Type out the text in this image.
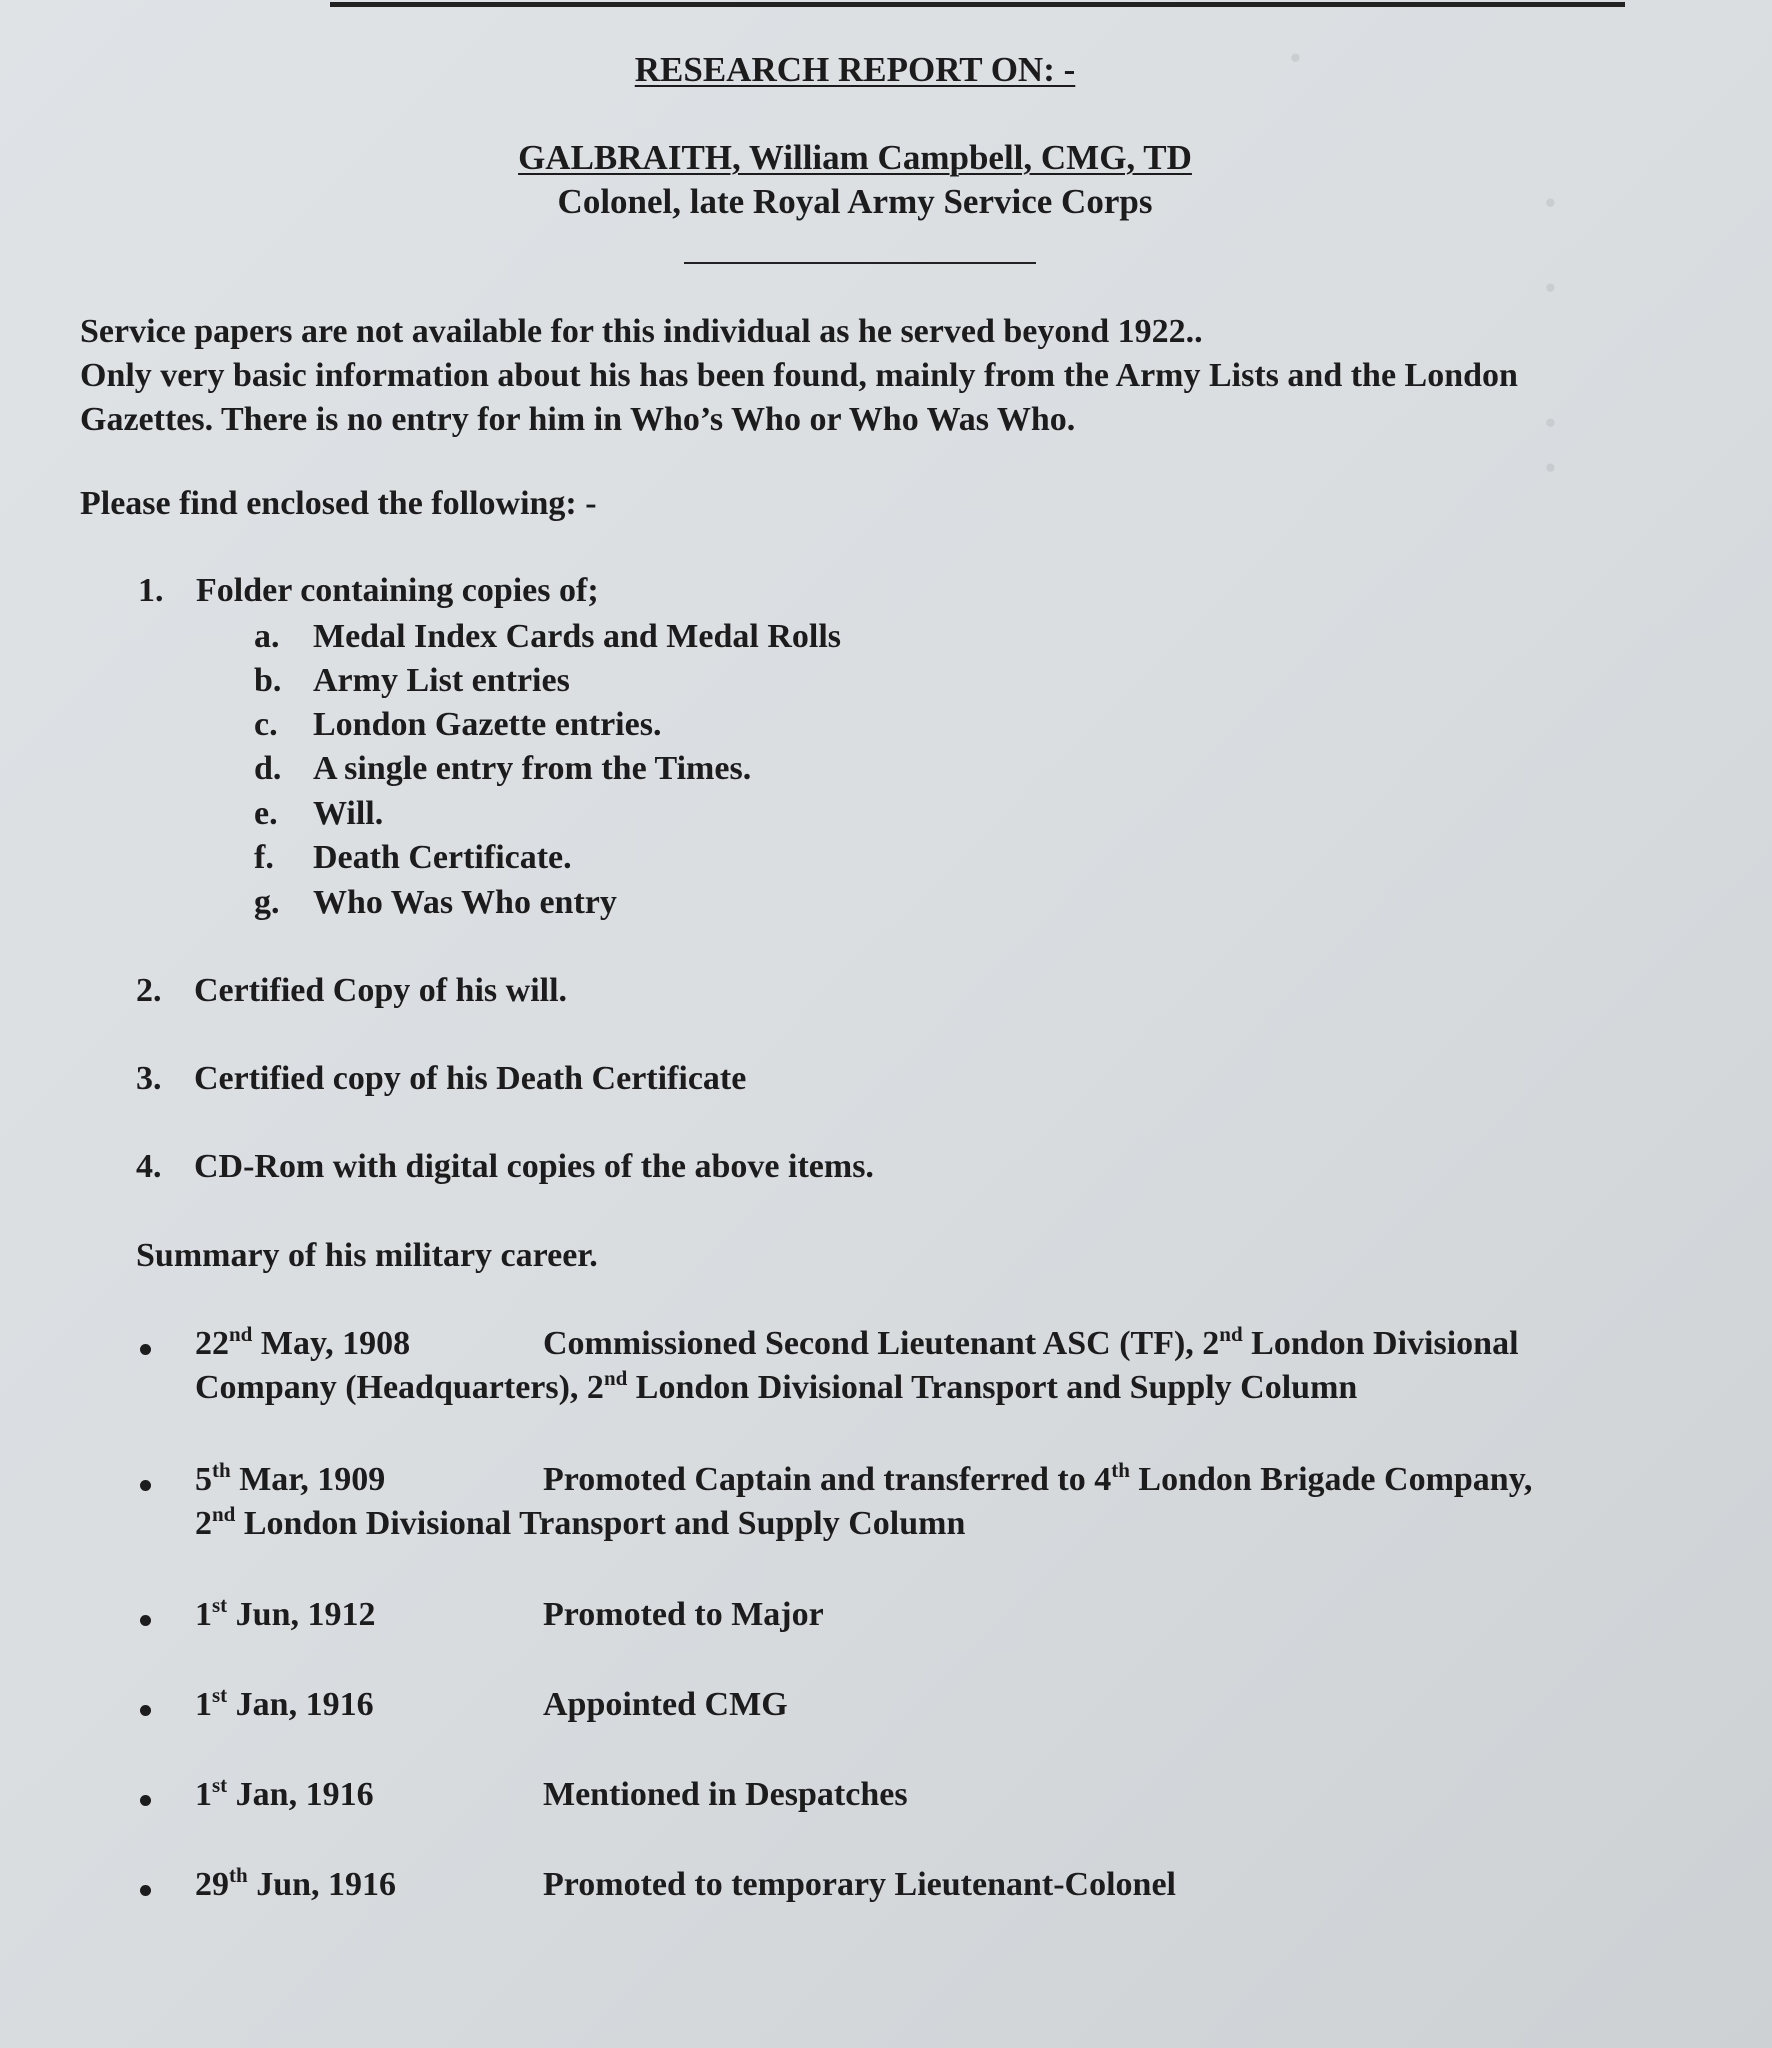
•
•
•
•
•
RESEARCH REPORT ON: -
GALBRAITH, William Campbell, CMG, TD
Colonel, late Royal Army Service Corps
Service papers are not available for this individual as he served beyond 1922..
Only very basic information about his has been found, mainly from the Army Lists and the London
Gazettes. There is no entry for him in Who’s Who or Who Was Who.
Please find enclosed the following: -
1. Folder containing copies of;
a. Medal Index Cards and Medal Rolls
b. Army List entries
c. London Gazette entries.
d. A single entry from the Times.
e. Will.
f. Death Certificate.
g. Who Was Who entry
2. Certified Copy of his will.
3. Certified copy of his Death Certificate
4. CD-Rom with digital copies of the above items.
Summary of his military career.
22nd May, 1908	Commissioned Second Lieutenant ASC (TF), 2nd London Divisional
Company (Headquarters), 2nd London Divisional Transport and Supply Column
5th Mar, 1909	Promoted Captain and transferred to 4th London Brigade Company,
2nd London Divisional Transport and Supply Column
1st Jun, 1912	Promoted to Major
1st Jan, 1916	Appointed CMG
1st Jan, 1916	Mentioned in Despatches
29th Jun, 1916	Promoted to temporary Lieutenant-Colonel
